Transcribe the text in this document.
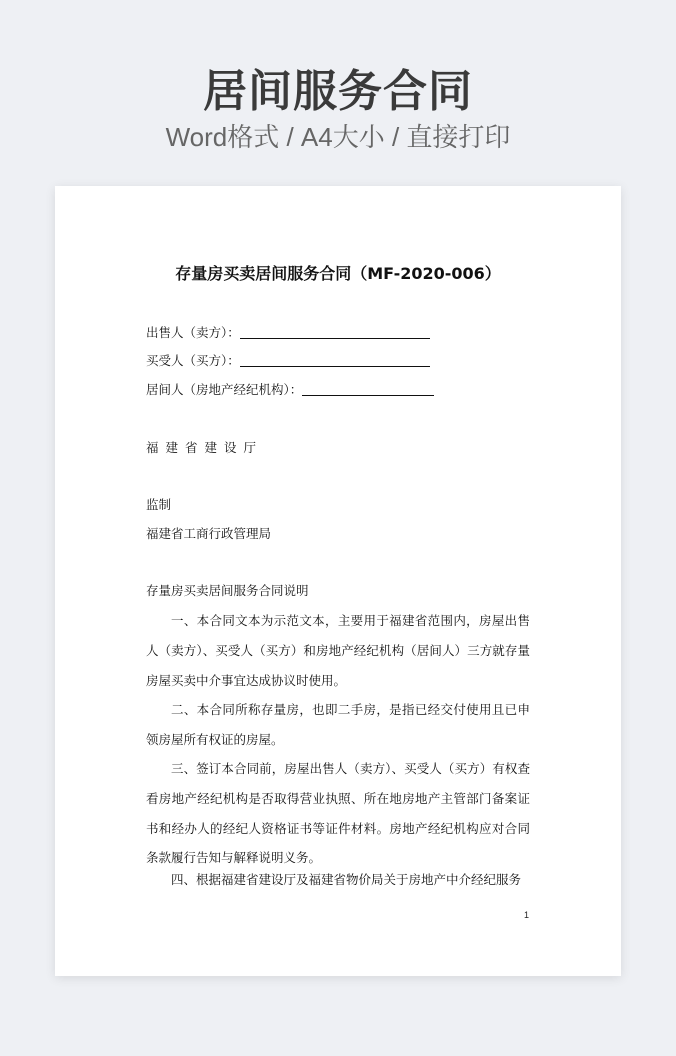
居间服务合同
Word格式 / A4大小 / 直接打印
存量房买卖居间服务合同（MF-2020-006）
出售人（卖方）：
买受人（买方）：
居间人（房地产经纪机构）：
福建省建设厅
监制
福建省工商行政管理局
存量房买卖居间服务合同说明

一、本合同文本为示范文本，主要用于福建省范围内，房屋出售人（卖方）、买受人（买方）和房地产经纪机构（居间人）三方就存量房屋买卖中介事宜达成协议时使用。

二、本合同所称存量房，也即二手房，是指已经交付使用且已申领房屋所有权证的房屋。

三、签订本合同前，房屋出售人（卖方）、买受人（买方）有权查看房地产经纪机构是否取得营业执照、所在地房地产主管部门备案证书和经办人的经纪人资格证书等证件材料。房地产经纪机构应对合同条款履行告知与解释说明义务。

四、根据福建省建设厅及福建省物价局关于房地产中介经纪服务

1
